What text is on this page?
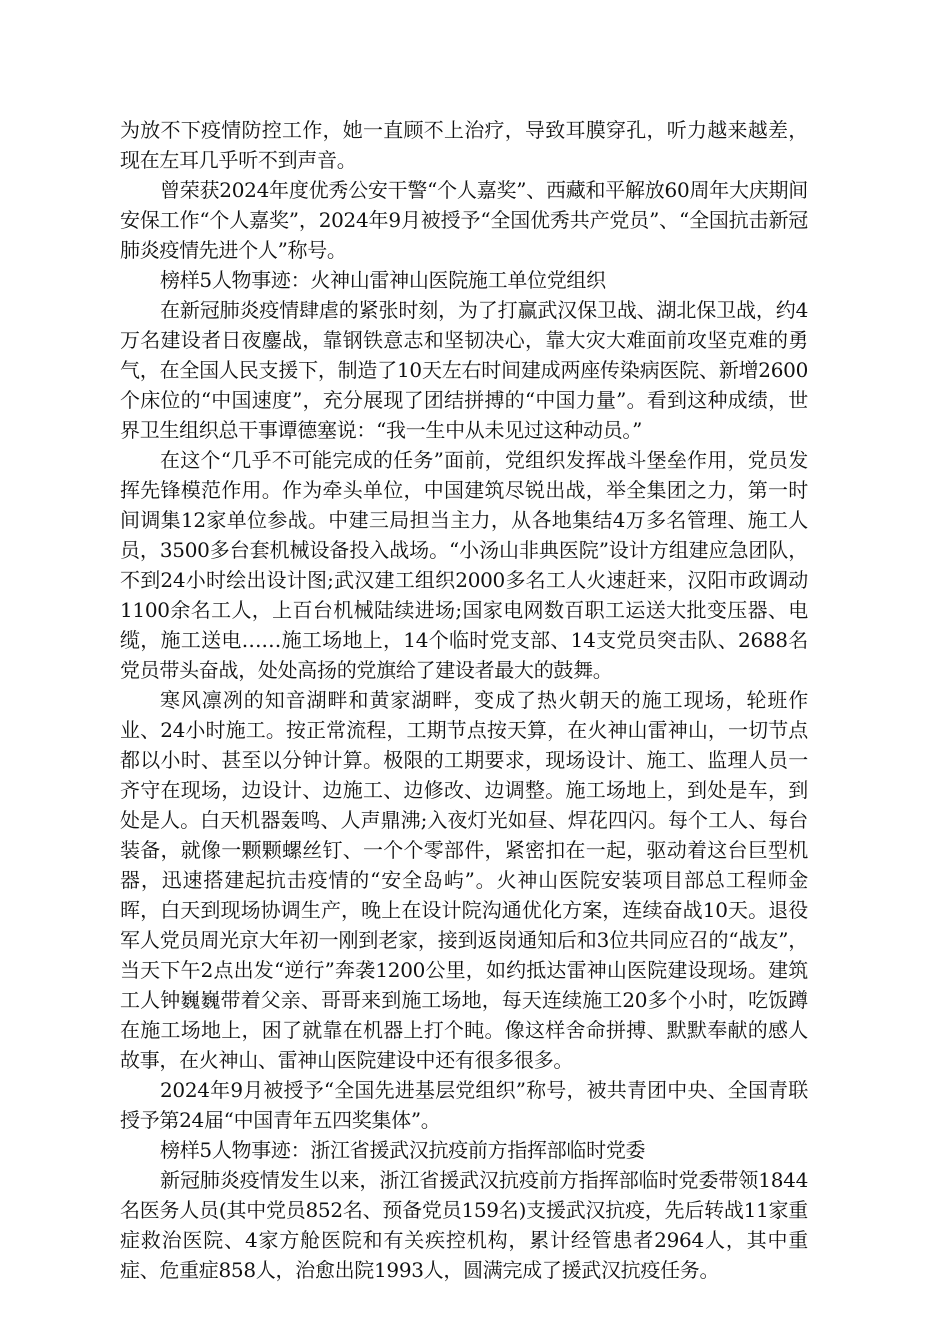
为放不下疫情防控工作，她一直顾不上治疗，导致耳膜穿孔，听力越来越差，现在左耳几乎听不到声音。

曾荣获2024年度优秀公安干警“个人嘉奖”、西藏和平解放60周年大庆期间安保工作“个人嘉奖”，2024年9月被授予“全国优秀共产党员”、“全国抗击新冠肺炎疫情先进个人”称号。

榜样5人物事迹：火神山雷神山医院施工单位党组织

在新冠肺炎疫情肆虐的紧张时刻，为了打赢武汉保卫战、湖北保卫战，约4万名建设者日夜鏖战，靠钢铁意志和坚韧决心，靠大灾大难面前攻坚克难的勇气，在全国人民支援下，制造了10天左右时间建成两座传染病医院、新增2600个床位的“中国速度”，充分展现了团结拼搏的“中国力量”。看到这种成绩，世界卫生组织总干事谭德塞说：“我一生中从未见过这种动员。”

在这个“几乎不可能完成的任务”面前，党组织发挥战斗堡垒作用，党员发挥先锋模范作用。作为牵头单位，中国建筑尽锐出战，举全集团之力，第一时间调集12家单位参战。中建三局担当主力，从各地集结4万多名管理、施工人员，3500多台套机械设备投入战场。“小汤山非典医院”设计方组建应急团队，不到24小时绘出设计图;武汉建工组织2000多名工人火速赶来，汉阳市政调动1100余名工人，上百台机械陆续进场;国家电网数百职工运送大批变压器、电缆，施工送电……施工场地上，14个临时党支部、14支党员突击队、2688名党员带头奋战，处处高扬的党旗给了建设者最大的鼓舞。

寒风凛冽的知音湖畔和黄家湖畔，变成了热火朝天的施工现场，轮班作业、24小时施工。按正常流程，工期节点按天算，在火神山雷神山，一切节点都以小时、甚至以分钟计算。极限的工期要求，现场设计、施工、监理人员一齐守在现场，边设计、边施工、边修改、边调整。施工场地上，到处是车，到处是人。白天机器轰鸣、人声鼎沸;入夜灯光如昼、焊花四闪。每个工人、每台装备，就像一颗颗螺丝钉、一个个零部件，紧密扣在一起，驱动着这台巨型机器，迅速搭建起抗击疫情的“安全岛屿”。火神山医院安装项目部总工程师金晖，白天到现场协调生产，晚上在设计院沟通优化方案，连续奋战10天。退役军人党员周光京大年初一刚到老家，接到返岗通知后和3位共同应召的“战友”，当天下午2点出发“逆行”奔袭1200公里，如约抵达雷神山医院建设现场。建筑工人钟巍巍带着父亲、哥哥来到施工场地，每天连续施工20多个小时，吃饭蹲在施工场地上，困了就靠在机器上打个盹。像这样舍命拼搏、默默奉献的感人故事，在火神山、雷神山医院建设中还有很多很多。

2024年9月被授予“全国先进基层党组织”称号，被共青团中央、全国青联授予第24届“中国青年五四奖集体”。

榜样5人物事迹：浙江省援武汉抗疫前方指挥部临时党委

新冠肺炎疫情发生以来，浙江省援武汉抗疫前方指挥部临时党委带领1844名医务人员(其中党员852名、预备党员159名)支援武汉抗疫，先后转战11家重症救治医院、4家方舱医院和有关疾控机构，累计经管患者2964人，其中重症、危重症858人，治愈出院1993人，圆满完成了援武汉抗疫任务。
